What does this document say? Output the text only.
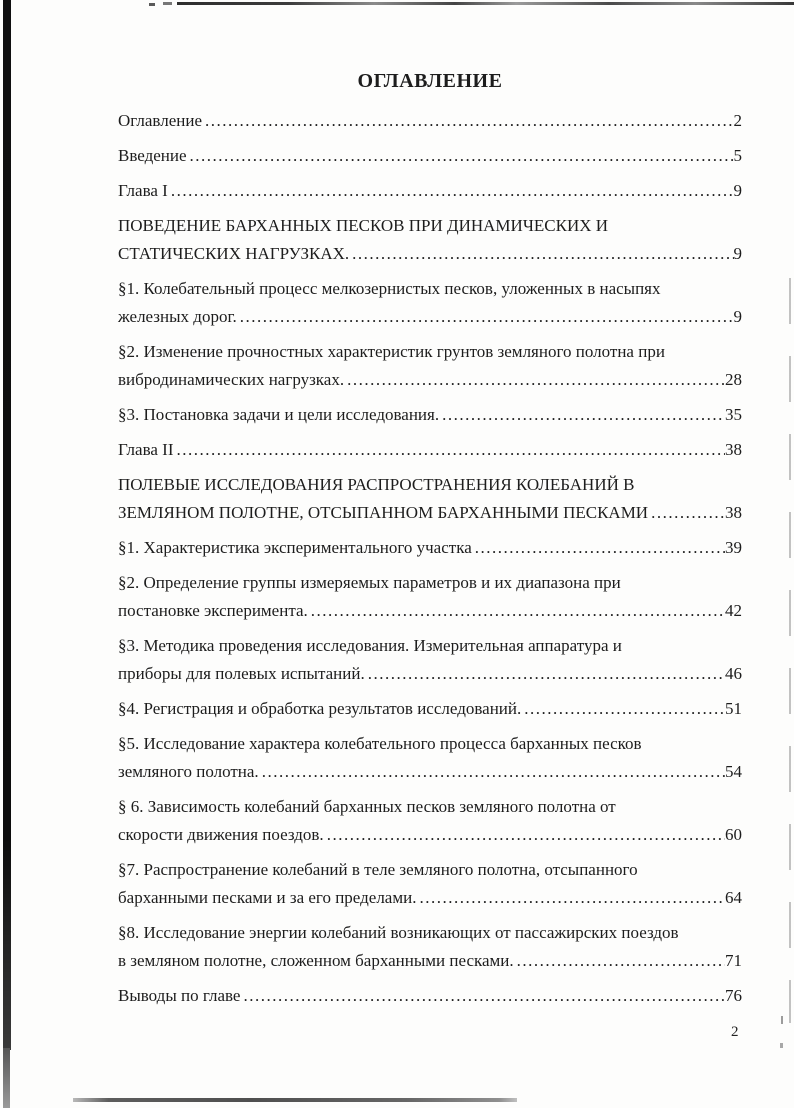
ОГЛАВЛЕНИЕ
Оглавление .....	2
Введение .....	5
Глава I .....	9
ПОВЕДЕНИЕ БАРХАННЫХ ПЕСКОВ ПРИ ДИНАМИЧЕСКИХ И
СТАТИЧЕСКИХ НАГРУЗКАХ. .....	9
§1. Колебательный процесс мелкозернистых песков, уложенных в насыпях
железных дорог. .....	9
§2. Изменение прочностных характеристик грунтов земляного полотна при
вибродинамических нагрузках. .....	28
§3. Постановка задачи и цели исследования. .....	35
Глава II .....	38
ПОЛЕВЫЕ ИССЛЕДОВАНИЯ РАСПРОСТРАНЕНИЯ КОЛЕБАНИЙ В
ЗЕМЛЯНОМ ПОЛОТНЕ, ОТСЫПАННОМ БАРХАННЫМИ ПЕСКАМИ .....	38
§1. Характеристика экспериментального участка .....	39
§2. Определение группы измеряемых параметров и их диапазона при
постановке эксперимента. .....	42
§3. Методика проведения исследования. Измерительная аппаратура и
приборы для полевых испытаний. .....	46
§4. Регистрация и обработка результатов исследований. .....	51
§5. Исследование характера колебательного процесса барханных песков
земляного полотна. .....	54
§ 6. Зависимость колебаний барханных песков земляного полотна от
скорости движения поездов. .....	60
§7. Распространение колебаний в теле земляного полотна, отсыпанного
барханными песками и за его пределами. .....	64
§8. Исследование энергии колебаний возникающих от пассажирских поездов
в земляном полотне, сложенном барханными песками. .....	71
Выводы по главе .....	76
2
